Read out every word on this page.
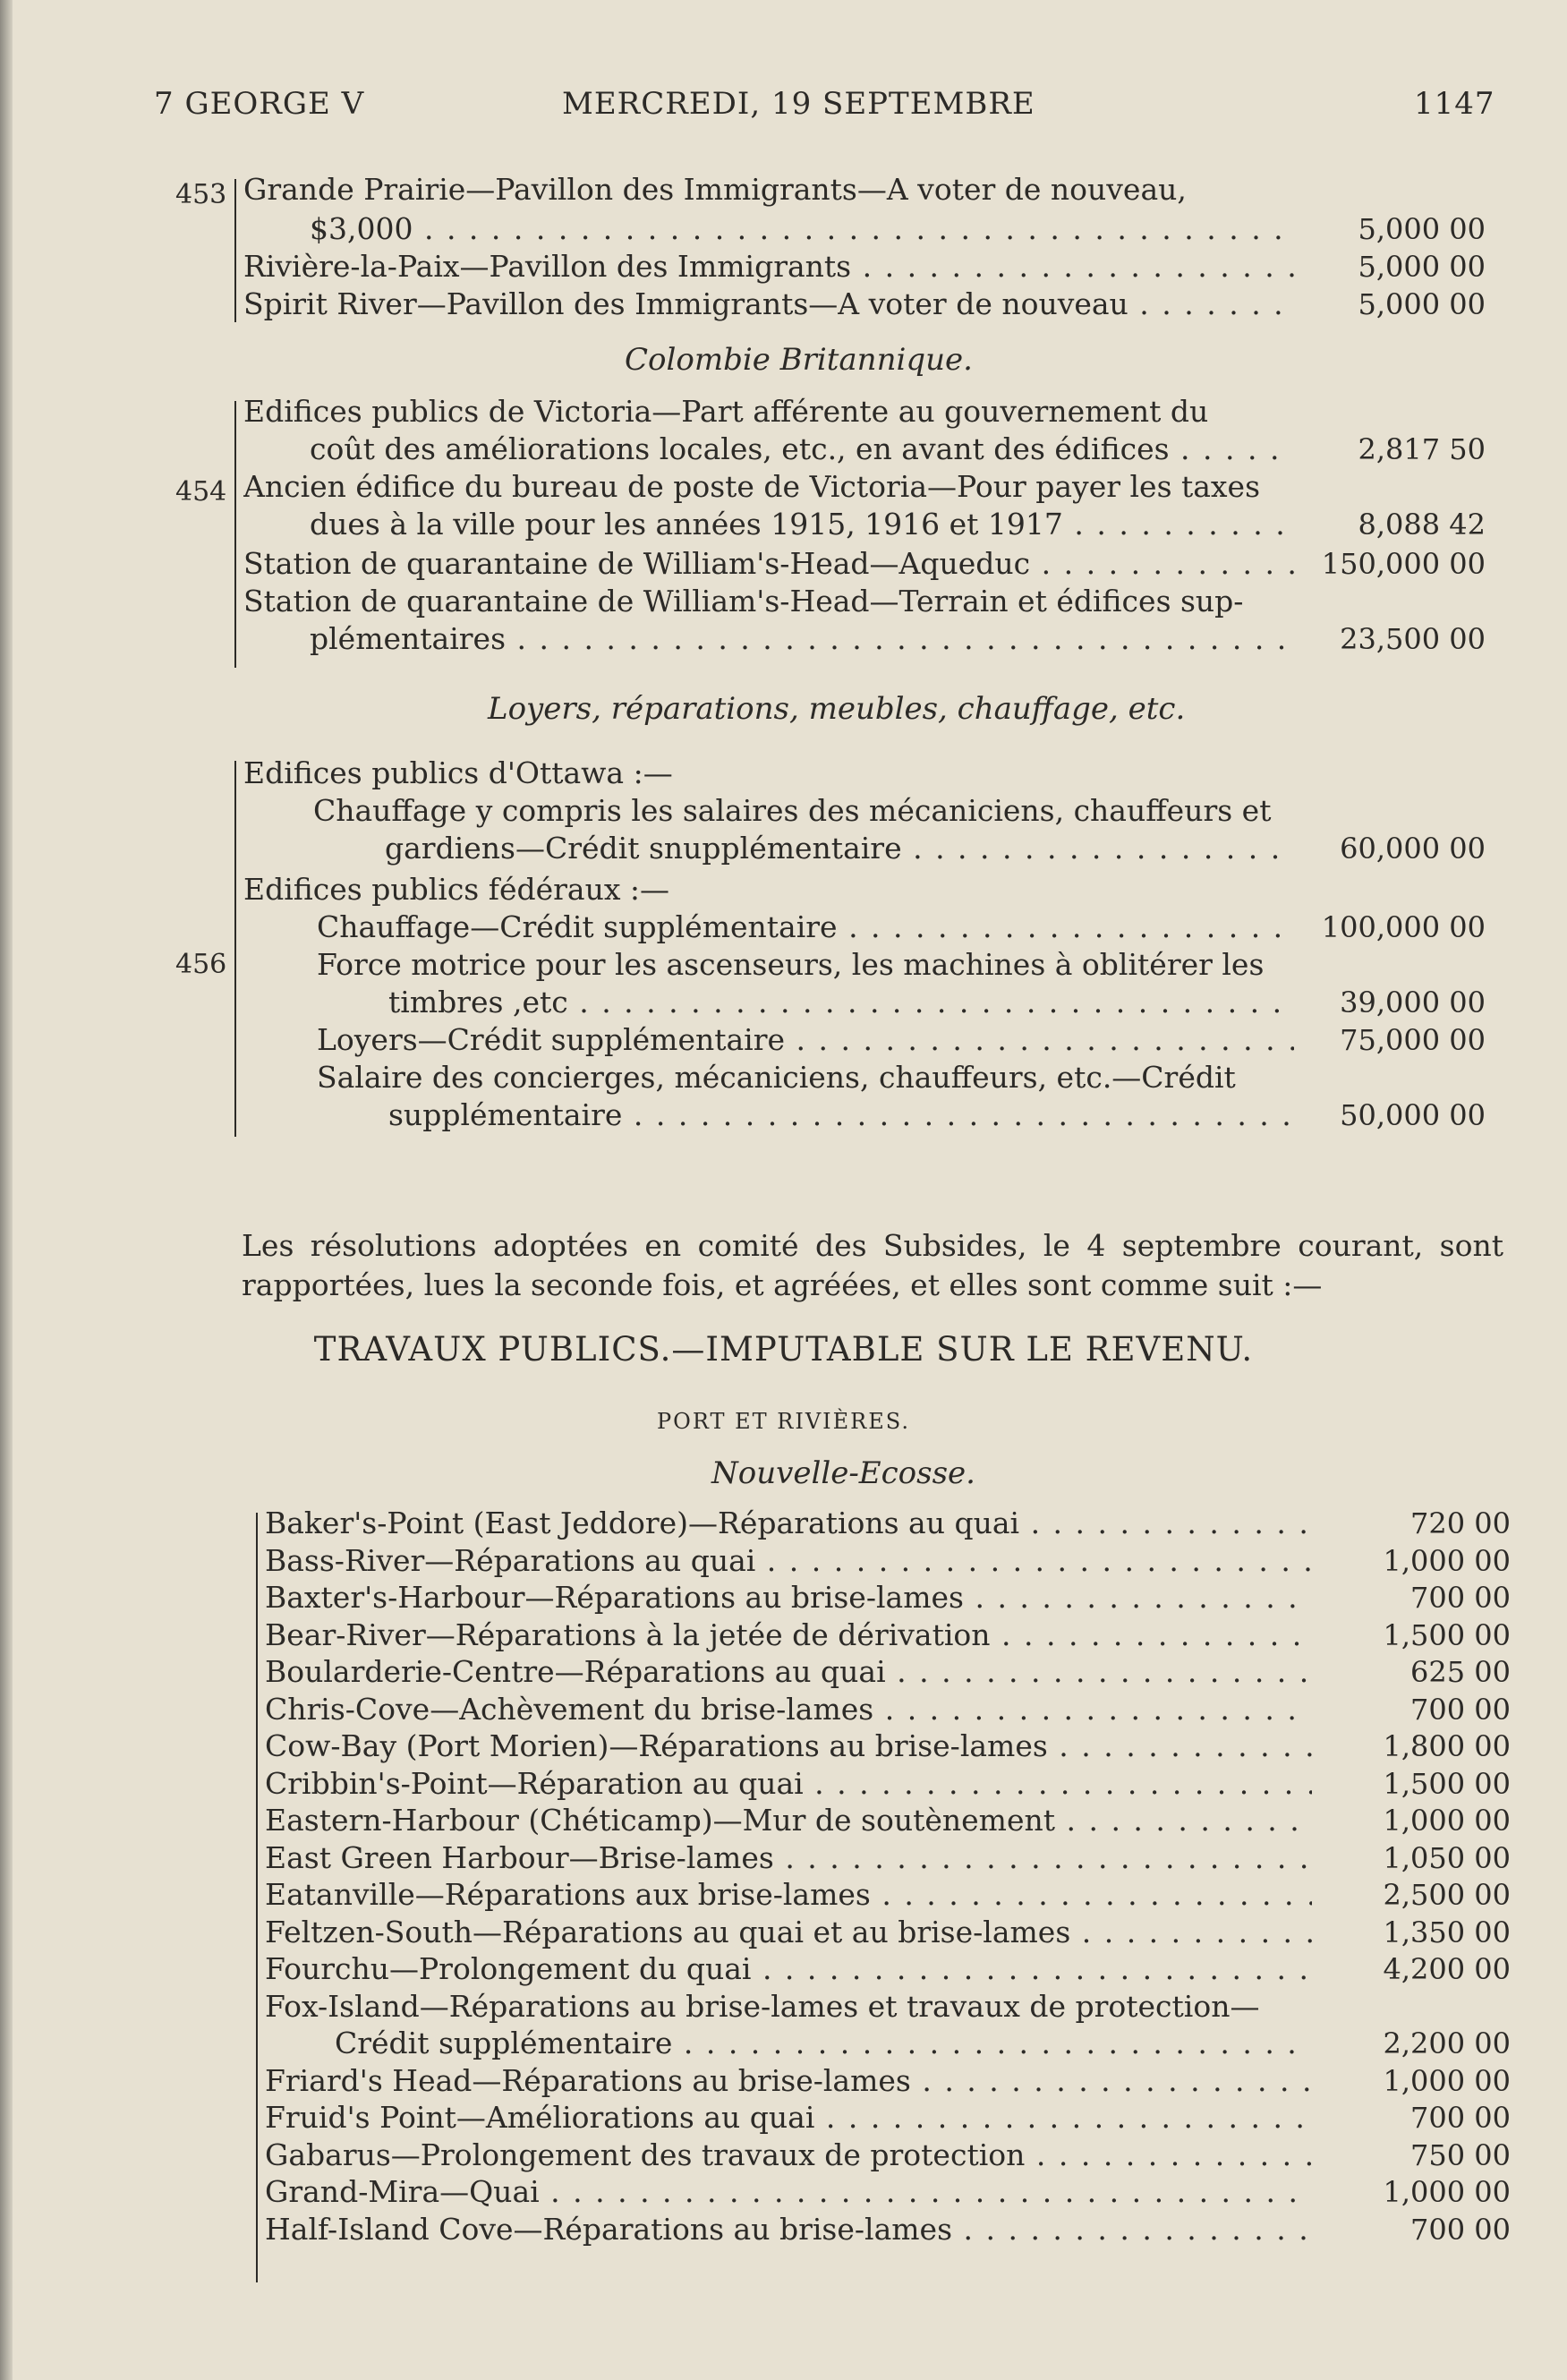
7 GEORGE V	MERCREDI, 19 SEPTEMBRE	1147
453 Grande Prairie—Pavillon des Immigrants—A voter de nouveau,
$3,000 . . .	5,000 00
Rivière-la-Paix—Pavillon des Immigrants . . .	5,000 00
Spirit River—Pavillon des Immigrants—A voter de nouveau . . .	5,000 00
Colombie Britannique.
454
Edifices publics de Victoria—Part afférente au gouvernement du
coût des améliorations locales, etc., en avant des édifices . . .	2,817 50
Ancien édifice du bureau de poste de Victoria—Pour payer les taxes
dues à la ville pour les années 1915, 1916 et 1917 . . .	8,088 42
Station de quarantaine de William's-Head—Aqueduc . . .	150,000 00
Station de quarantaine de William's-Head—Terrain et édifices sup-
plémentaires . . .	23,500 00
Loyers, réparations, meubles, chauffage, etc.
456
Edifices publics d'Ottawa :—
Chauffage y compris les salaires des mécaniciens, chauffeurs et
gardiens—Crédit snupplémentaire . . .	60,000 00
Edifices publics fédéraux :—
Chauffage—Crédit supplémentaire . . .	100,000 00
Force motrice pour les ascenseurs, les machines à oblitérer les
timbres ,etc . . .	39,000 00
Loyers—Crédit supplémentaire . . .	75,000 00
Salaire des concierges, mécaniciens, chauffeurs, etc.—Crédit
supplémentaire . . .	50,000 00
Les résolutions adoptées en comité des Subsides, le 4 septembre courant, sont rapportées, lues la seconde fois, et agréées, et elles sont comme suit :—
TRAVAUX PUBLICS.—IMPUTABLE SUR LE REVENU.
PORT ET RIVIÈRES.
Nouvelle-Ecosse.
Baker's-Point (East Jeddore)—Réparations au quai . . .	720 00
Bass-River—Réparations au quai . . .	1,000 00
Baxter's-Harbour—Réparations au brise-lames . . .	700 00
Bear-River—Réparations à la jetée de dérivation . . .	1,500 00
Boularderie-Centre—Réparations au quai . . .	625 00
Chris-Cove—Achèvement du brise-lames . . .	700 00
Cow-Bay (Port Morien)—Réparations au brise-lames . . .	1,800 00
Cribbin's-Point—Réparation au quai . . .	1,500 00
Eastern-Harbour (Chéticamp)—Mur de soutènement . . .	1,000 00
East Green Harbour—Brise-lames . . .	1,050 00
Eatanville—Réparations aux brise-lames . . .	2,500 00
Feltzen-South—Réparations au quai et au brise-lames . . .	1,350 00
Fourchu—Prolongement du quai . . .	4,200 00
Fox-Island—Réparations au brise-lames et travaux de protection—
Crédit supplémentaire . . .	2,200 00
Friard's Head—Réparations au brise-lames . . .	1,000 00
Fruid's Point—Améliorations au quai . . .	700 00
Gabarus—Prolongement des travaux de protection . . .	750 00
Grand-Mira—Quai . . .	1,000 00
Half-Island Cove—Réparations au brise-lames . . .	700 00
